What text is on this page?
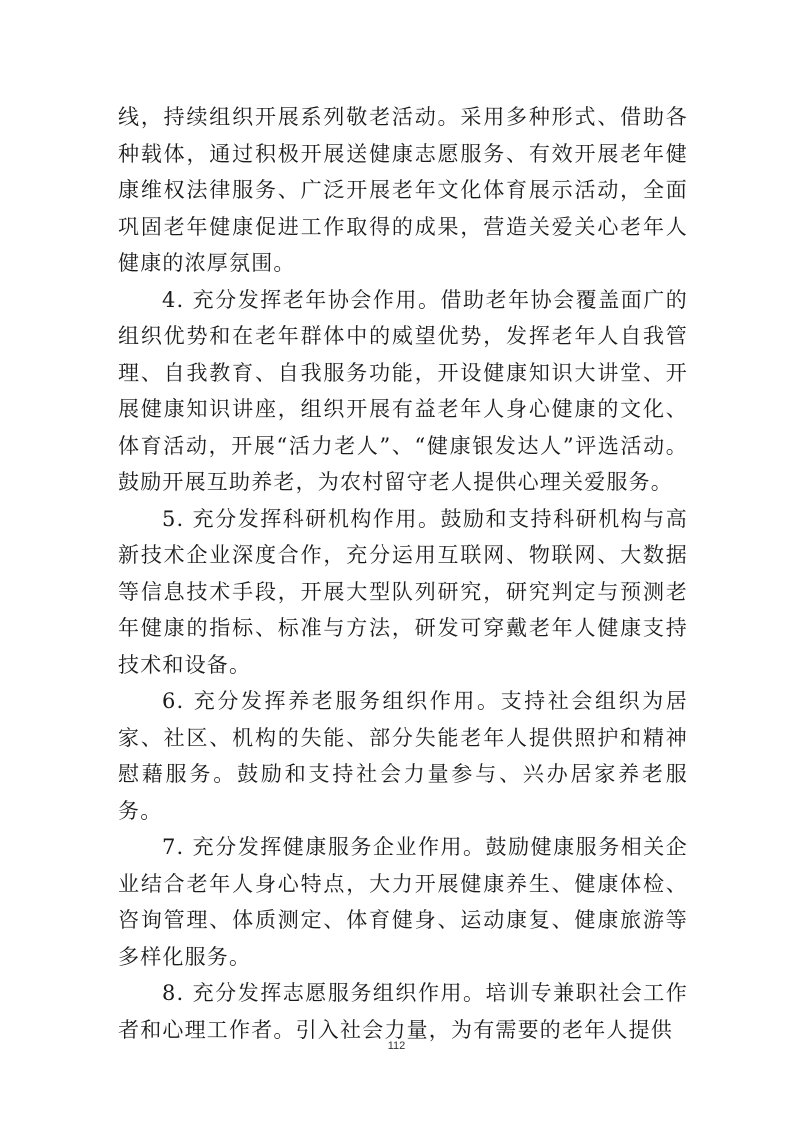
线，持续组织开展系列敬老活动。采用多种形式、借助各种载体，通过积极开展送健康志愿服务、有效开展老年健康维权法律服务、广泛开展老年文化体育展示活动，全面巩固老年健康促进工作取得的成果，营造关爱关心老年人健康的浓厚氛围。

4. 充分发挥老年协会作用。借助老年协会覆盖面广的组织优势和在老年群体中的威望优势，发挥老年人自我管理、自我教育、自我服务功能，开设健康知识大讲堂、开展健康知识讲座，组织开展有益老年人身心健康的文化、体育活动，开展“活力老人”、“健康银发达人”评选活动。鼓励开展互助养老，为农村留守老人提供心理关爱服务。

5. 充分发挥科研机构作用。鼓励和支持科研机构与高新技术企业深度合作，充分运用互联网、物联网、大数据等信息技术手段，开展大型队列研究，研究判定与预测老年健康的指标、标准与方法，研发可穿戴老年人健康支持技术和设备。

6. 充分发挥养老服务组织作用。支持社会组织为居家、社区、机构的失能、部分失能老年人提供照护和精神慰藉服务。鼓励和支持社会力量参与、兴办居家养老服务。

7. 充分发挥健康服务企业作用。鼓励健康服务相关企业结合老年人身心特点，大力开展健康养生、健康体检、咨询管理、体质测定、体育健身、运动康复、健康旅游等多样化服务。

8. 充分发挥志愿服务组织作用。培训专兼职社会工作者和心理工作者。引入社会力量，为有需要的老年人提供

112
